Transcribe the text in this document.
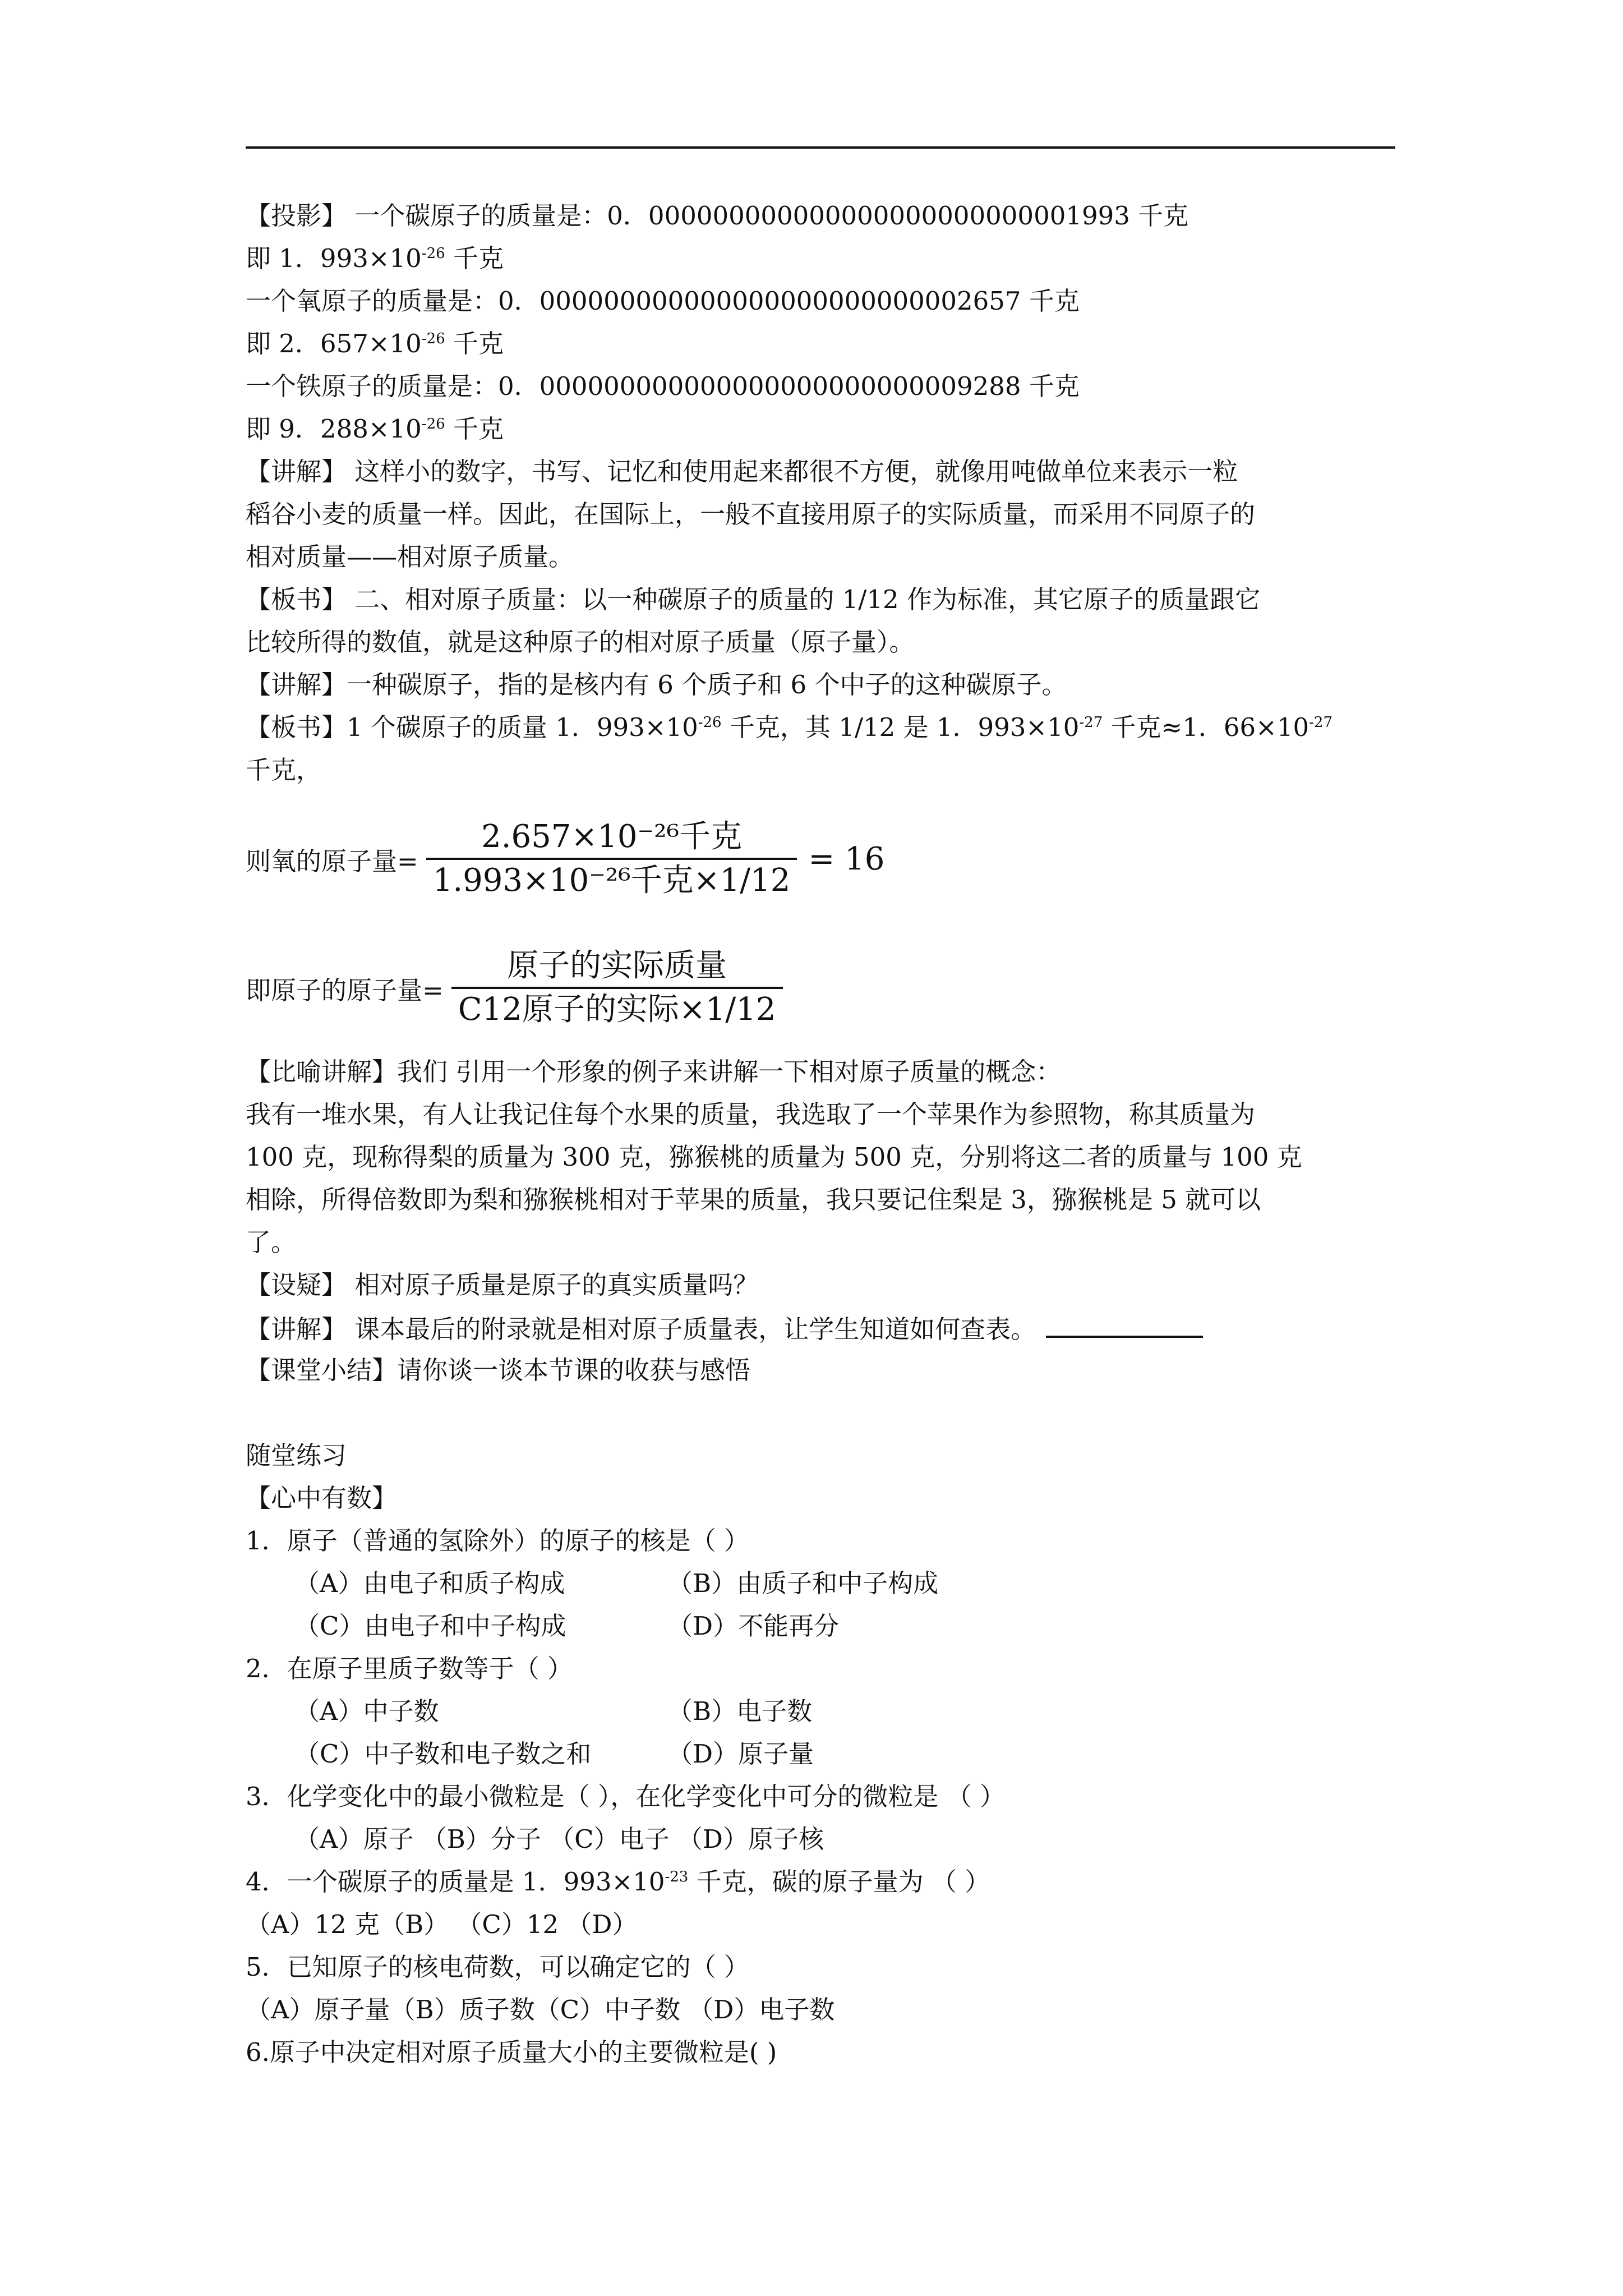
【投影】 一个碳原子的质量是：0．000000000000000000000000001993 千克
即 1．$993\times 10^{-26}$ 千克
一个氧原子的质量是：0．000000000000000000000000002657 千克
即 2．$657\times 10^{-26}$ 千克
一个铁原子的质量是：0．000000000000000000000000009288 千克
即 9．$288\times 10^{-26}$ 千克
【讲解】 这样小的数字，书写、记忆和使用起来都很不方便，就像用吨做单位来表示一粒
稻谷小麦的质量一样。因此，在国际上，一般不直接用原子的实际质量，而采用不同原子的
相对质量——相对原子质量。
【板书】 二、相对原子质量：以一种碳原子的质量的 1/12 作为标准，其它原子的质量跟它
比较所得的数值，就是这种原子的相对原子质量（原子量）。
【讲解】一种碳原子，指的是核内有 6 个质子和 6 个中子的这种碳原子。
【板书】1 个碳原子的质量 1．$993\times 10^{-26}$ 千克，其 1/12 是 1．$993\times 10^{-27}$ 千克≈1．$66\times 10^{-27}$
千克，
则氧的原子量= $\frac{\text{2.657×10⁻²⁶千克}}{\text{1.993×10⁻²⁶千克×1/12}} = 16$
即原子的原子量= $\frac{\text{原子的实际质量}}{\text{C12原子的实际×1/12}}$
【比喻讲解】我们 引用一个形象的例子来讲解一下相对原子质量的概念：
我有一堆水果，有人让我记住每个水果的质量，我选取了一个苹果作为参照物，称其质量为
100 克，现称得梨的质量为 300 克，猕猴桃的质量为 500 克，分别将这二者的质量与 100 克
相除，所得倍数即为梨和猕猴桃相对于苹果的质量，我只要记住梨是 3，猕猴桃是 5 就可以
了。
【设疑】 相对原子质量是原子的真实质量吗？
【讲解】 课本最后的附录就是相对原子质量表，让学生知道如何查表。
【课堂小结】请你谈一谈本节课的收获与感悟
随堂练习
【心中有数】
1．原子（普通的氢除外）的原子的核是（ ）
（A）由电子和质子构成	（B）由质子和中子构成
（C）由电子和中子构成	（D）不能再分
2．在原子里质子数等于（ ）
（A）中子数	（B）电子数
（C）中子数和电子数之和	（D）原子量
3．化学变化中的最小微粒是（ ），在化学变化中可分的微粒是 （ ）
（A）原子 （B）分子 （C）电子 （D）原子核
4．一个碳原子的质量是 1．$993\times 10^{-23}$ 千克，碳的原子量为 （ ）
（A）12 克（B） （C）12 （D）
5．已知原子的核电荷数，可以确定它的（ ）
（A）原子量（B）质子数（C）中子数 （D）电子数
6.原子中决定相对原子质量大小的主要微粒是( )
